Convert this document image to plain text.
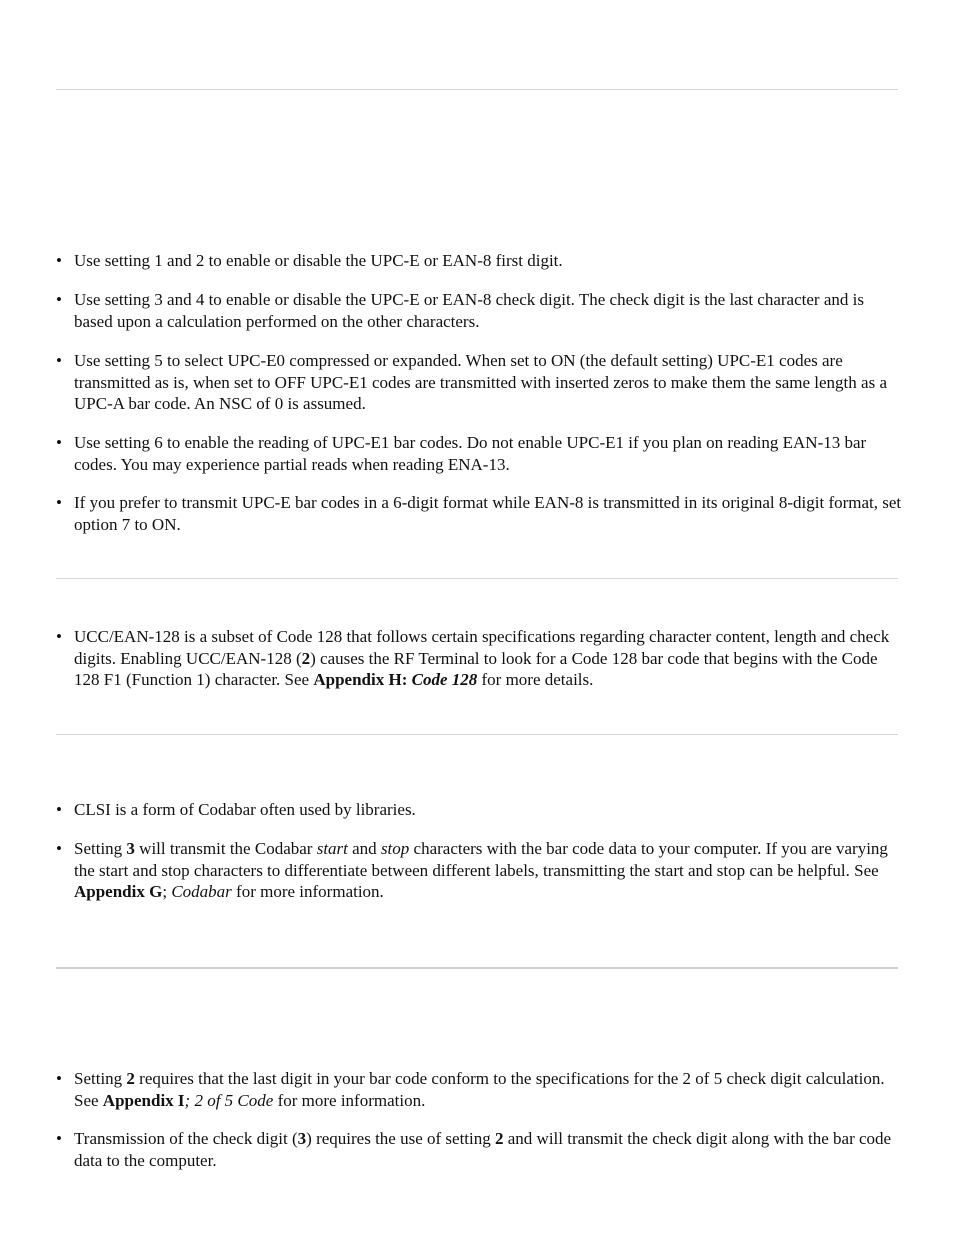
• Use setting 1 and 2 to enable or disable the UPC-E or EAN-8 first digit.
• Use setting 3 and 4 to enable or disable the UPC-E or EAN-8 check digit. The check digit is the last character and is based upon a calculation performed on the other characters.
• Use setting 5 to select UPC-E0 compressed or expanded. When set to ON (the default setting) UPC-E1 codes are transmitted as is, when set to OFF UPC-E1 codes are transmitted with inserted zeros to make them the same length as a UPC-A bar code. An NSC of 0 is assumed.
• Use setting 6 to enable the reading of UPC-E1 bar codes. Do not enable UPC-E1 if you plan on reading EAN-13 bar codes. You may experience partial reads when reading ENA-13.
• If you prefer to transmit UPC-E bar codes in a 6-digit format while EAN-8 is transmitted in its original 8-digit format, set option 7 to ON.
• UCC/EAN-128 is a subset of Code 128 that follows certain specifications regarding character content, length and check digits. Enabling UCC/EAN-128 (2) causes the RF Terminal to look for a Code 128 bar code that begins with the Code 128 F1 (Function 1) character. See Appendix H: Code 128 for more details.
• CLSI is a form of Codabar often used by libraries.
• Setting 3 will transmit the Codabar start and stop characters with the bar code data to your computer. If you are varying the start and stop characters to differentiate between different labels, transmitting the start and stop can be helpful. See Appendix G; Codabar for more information.
• Setting 2 requires that the last digit in your bar code conform to the specifications for the 2 of 5 check digit calculation. See Appendix I; 2 of 5 Code for more information.
• Transmission of the check digit (3) requires the use of setting 2 and will transmit the check digit along with the bar code data to the computer.
